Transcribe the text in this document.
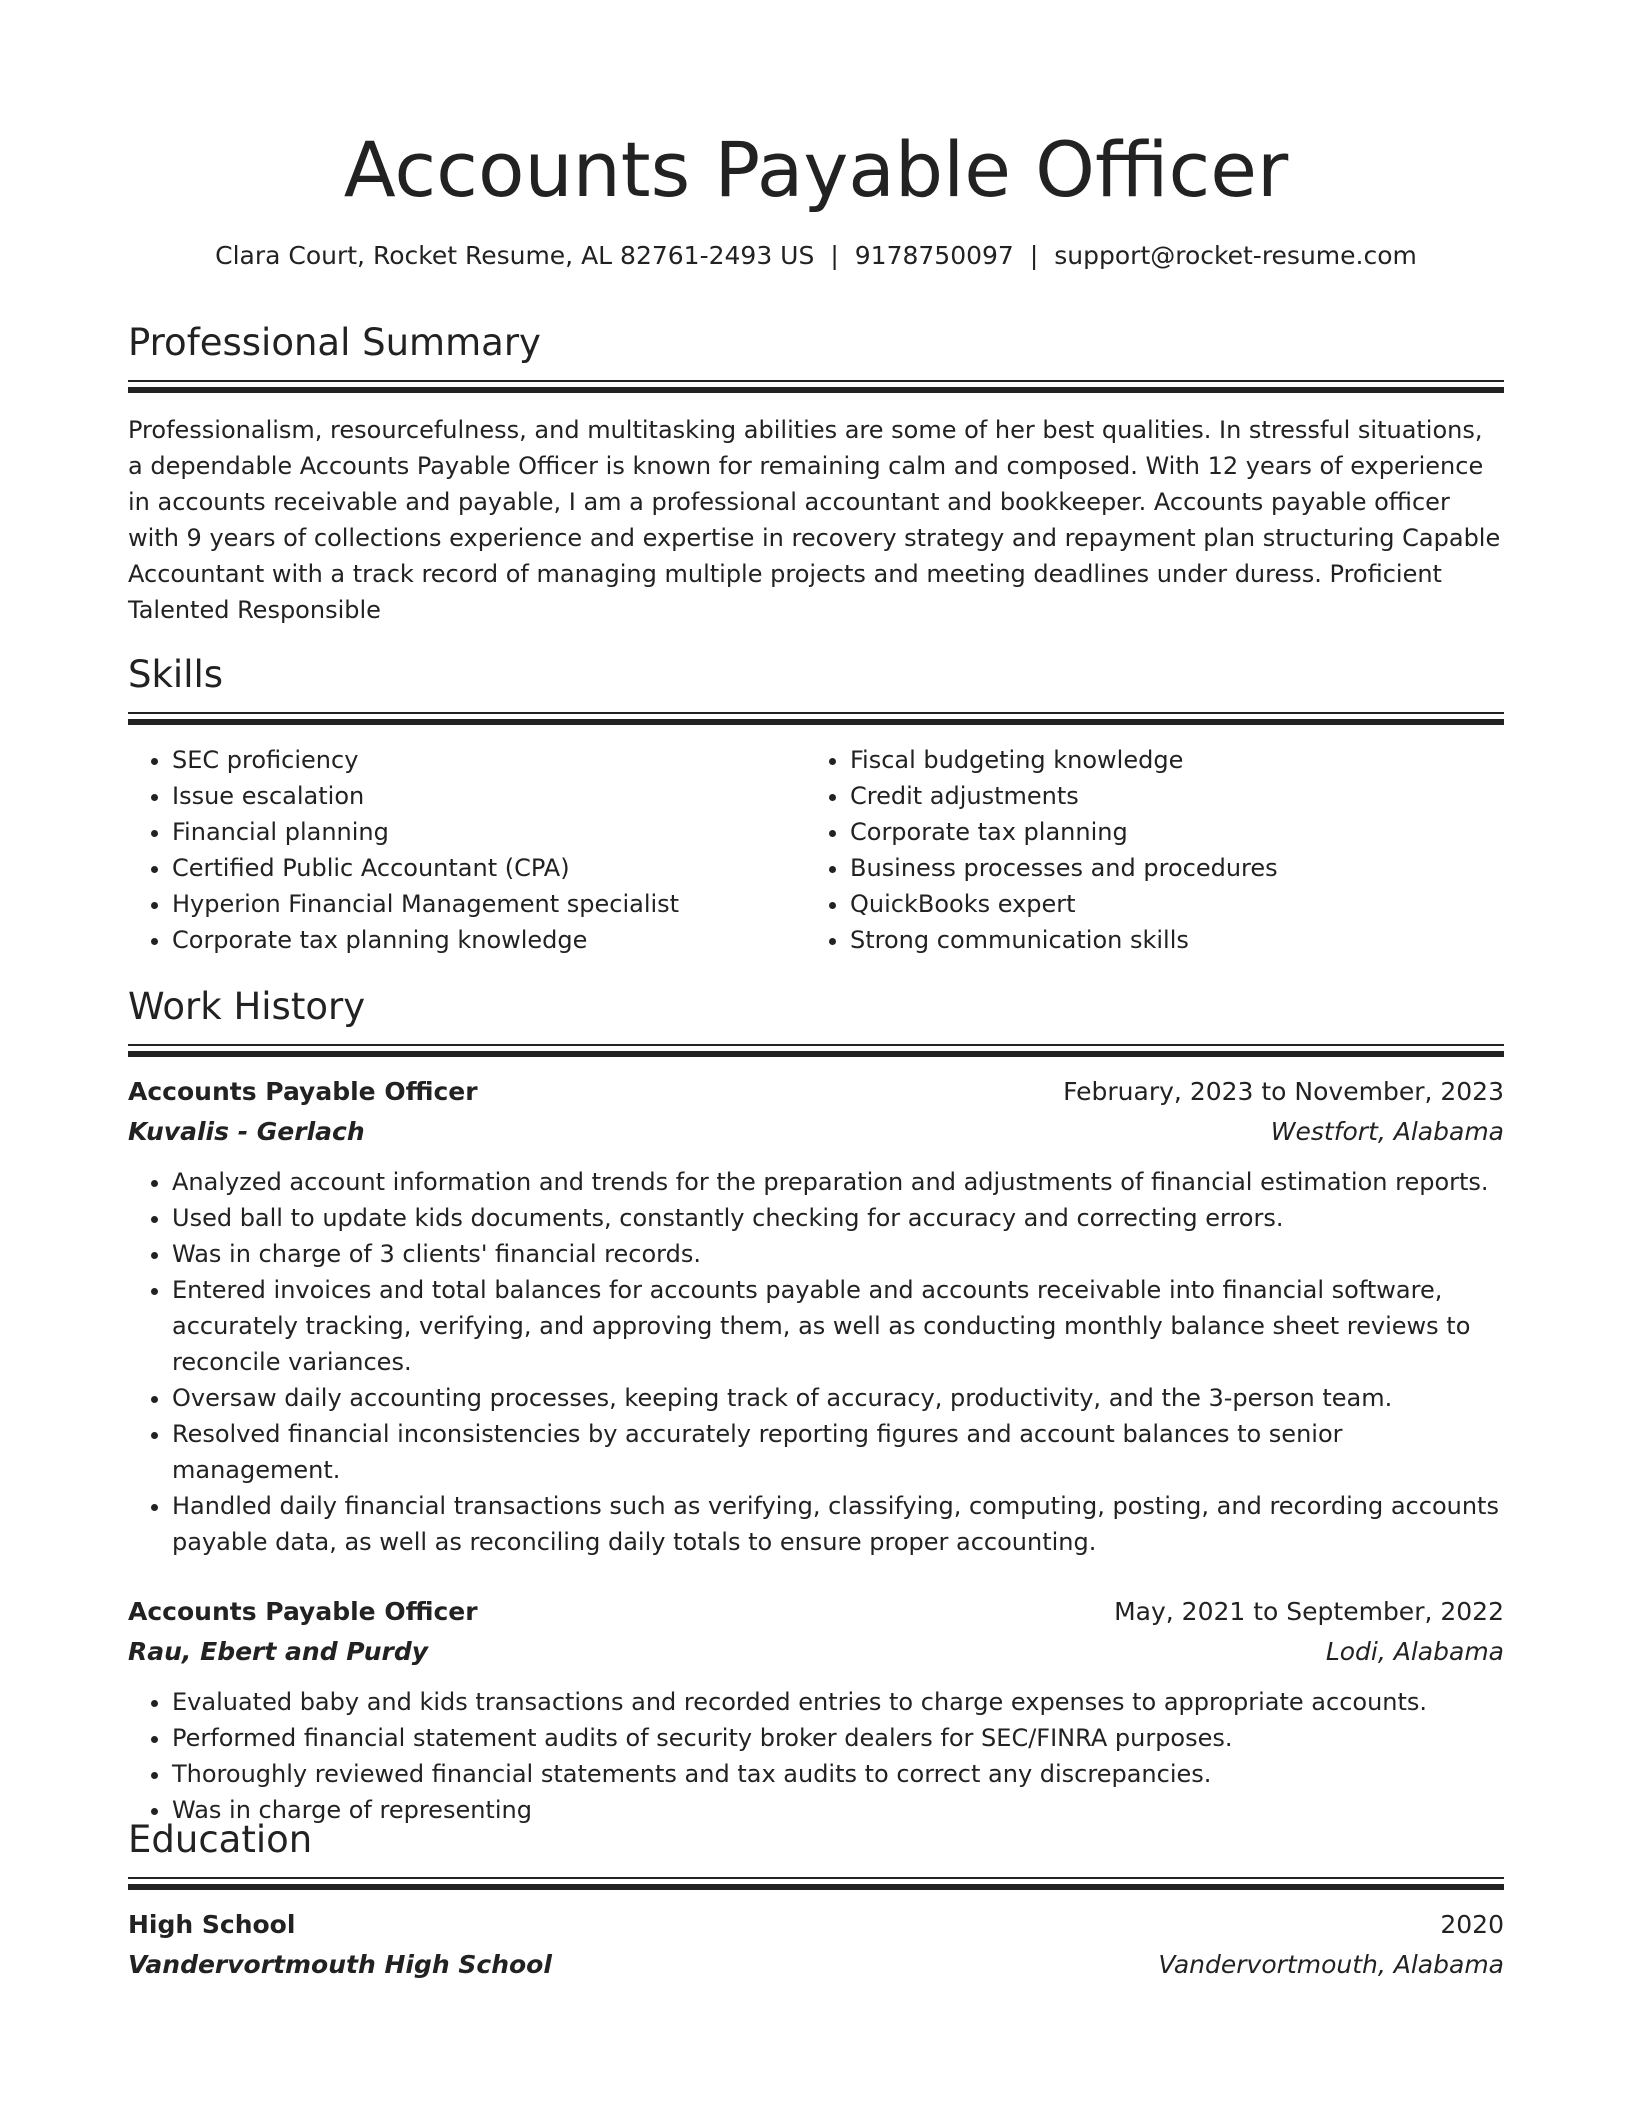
Accounts Payable Officer
Clara Court, Rocket Resume, AL 82761-2493 US | 9178750097 | support@rocket-resume.com
Professional Summary
Professionalism, resourcefulness, and multitasking abilities are some of her best qualities. In stressful situations, a dependable Accounts Payable Officer is known for remaining calm and composed. With 12 years of experience in accounts receivable and payable, I am a professional accountant and bookkeeper. Accounts payable officer with 9 years of collections experience and expertise in recovery strategy and repayment plan structuring Capable Accountant with a track record of managing multiple projects and meeting deadlines under duress. Proficient Talented Responsible
Skills
• SEC proficiency
• Issue escalation
• Financial planning
• Certified Public Accountant (CPA)
• Hyperion Financial Management specialist
• Corporate tax planning knowledge
• Fiscal budgeting knowledge
• Credit adjustments
• Corporate tax planning
• Business processes and procedures
• QuickBooks expert
• Strong communication skills
Work History
Accounts Payable Officer	February, 2023 to November, 2023
Kuvalis - Gerlach	Westfort, Alabama
• Analyzed account information and trends for the preparation and adjustments of financial estimation reports.
• Used ball to update kids documents, constantly checking for accuracy and correcting errors.
• Was in charge of 3 clients' financial records.
• Entered invoices and total balances for accounts payable and accounts receivable into financial software, accurately tracking, verifying, and approving them, as well as conducting monthly balance sheet reviews to reconcile variances.
• Oversaw daily accounting processes, keeping track of accuracy, productivity, and the 3-person team.
• Resolved financial inconsistencies by accurately reporting figures and account balances to senior management.
• Handled daily financial transactions such as verifying, classifying, computing, posting, and recording accounts payable data, as well as reconciling daily totals to ensure proper accounting.
Accounts Payable Officer	May, 2021 to September, 2022
Rau, Ebert and Purdy	Lodi, Alabama
• Evaluated baby and kids transactions and recorded entries to charge expenses to appropriate accounts.
• Performed financial statement audits of security broker dealers for SEC/FINRA purposes.
• Thoroughly reviewed financial statements and tax audits to correct any discrepancies.
• Was in charge of representing
Education
High School	2020
Vandervortmouth High School	Vandervortmouth, Alabama
